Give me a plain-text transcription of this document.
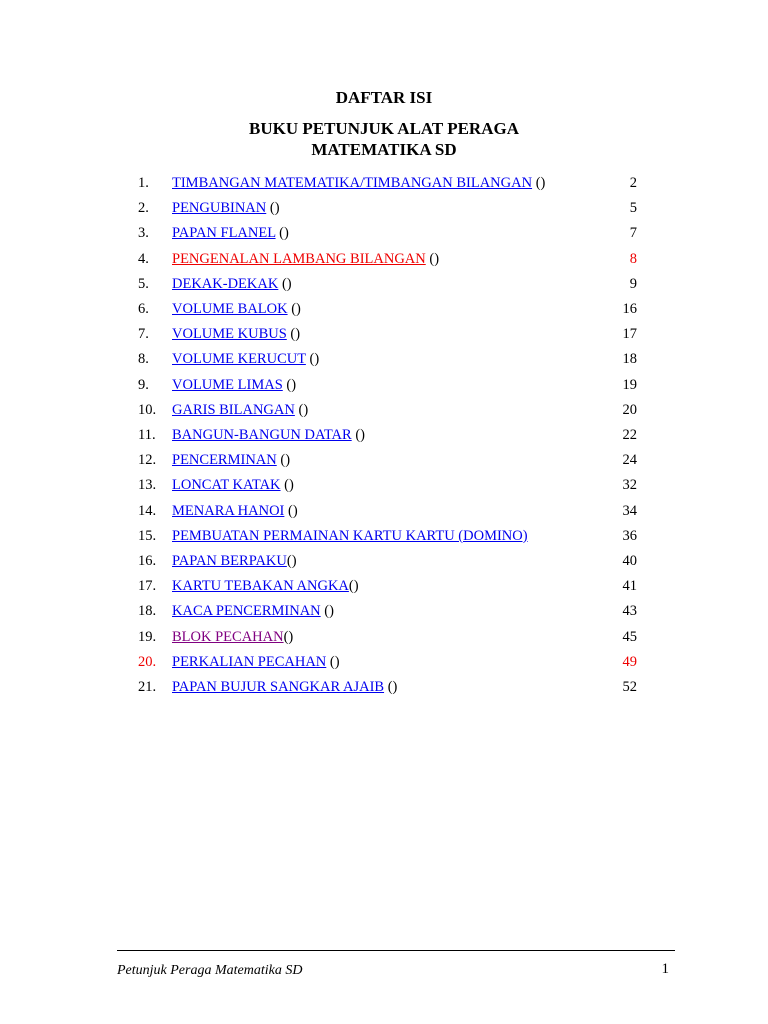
DAFTAR ISI
BUKU PETUNJUK ALAT PERAGA
MATEMATIKA SD
1. TIMBANGAN MATEMATIKA/TIMBANGAN BILANGAN ()	2
2. PENGUBINAN ()	5
3. PAPAN FLANEL ()	7
4. PENGENALAN LAMBANG BILANGAN ()	8
5. DEKAK-DEKAK ()	9
6. VOLUME BALOK ()	16
7. VOLUME KUBUS ()	17
8. VOLUME KERUCUT ()	18
9. VOLUME LIMAS ()	19
10. GARIS BILANGAN ()	20
11. BANGUN-BANGUN DATAR ()	22
12. PENCERMINAN ()	24
13. LONCAT KATAK ()	32
14. MENARA HANOI ()	34
15. PEMBUATAN PERMAINAN KARTU KARTU (DOMINO)	36
16. PAPAN BERPAKU()	40
17. KARTU TEBAKAN ANGKA()	41
18. KACA PENCERMINAN ()	43
19. BLOK PECAHAN()	45
20. PERKALIAN PECAHAN ()	49
21. PAPAN BUJUR SANGKAR AJAIB ()	52
Petunjuk Peraga Matematika SD	1
